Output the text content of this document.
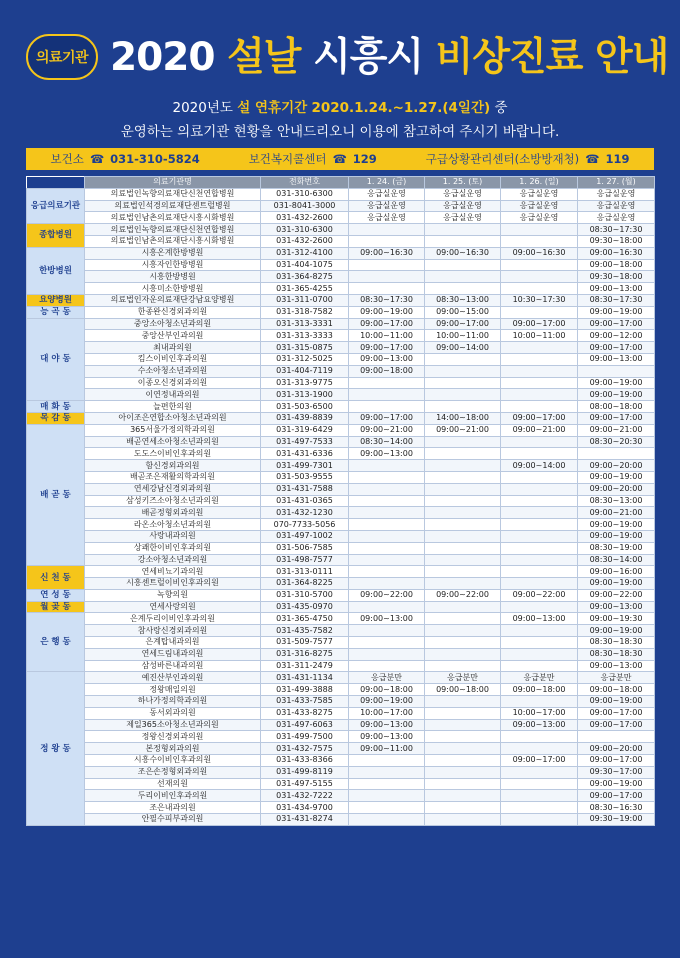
의료기관 2020 설날 시흥시 비상진료 안내
2020년도 설 연휴기간 2020.1.24.~1.27.(4일간) 중
운영하는 의료기관 현황을 안내드리오니 이용에 참고하여 주시기 바랍니다.
보건소 ☎ 031-310-5824	보건복지콜센터 ☎ 129	구급상황관리센터(소방방재청) ☎ 119
	의료기관명	전화번호	1. 24. (금)	1. 25. (토)	1. 26. (일)	1. 27. (월)
응급의료기관	의료법인녹향의료재단신천연합병원	031-310-6300	응급실운영	응급실운영	응급실운영	응급실운영
	의료법인석경의료재단센트럴병원	031-8041-3000	응급실운영	응급실운영	응급실운영	응급실운영
	의료법인남촌의료재단시흥시화병원	031-432-2600	응급실운영	응급실운영	응급실운영	응급실운영
종합병원	의료법인녹향의료재단신천연합병원	031-310-6300				08:30~17:30
	의료법인남촌의료재단시흥시화병원	031-432-2600				09:30~18:00
한방병원	시흥온계한방병원	031-312-4100	09:00~16:30	09:00~16:30	09:00~16:30	09:00~16:30
	시흥자인한방병원	031-404-1075				09:00~18:00
	시흥한방병원	031-364-8275				09:30~18:00
	시흥미소한방병원	031-365-4255				09:00~13:00
요양병원	의료법인자운의료재단강남요양병원	031-311-0700	08:30~17:30	08:30~13:00	10:30~17:30	08:30~17:30
능 곡 동	한종완신경외과의원	031-318-7582	09:00~19:00	09:00~15:00		09:00~19:00
대 야 동	중앙소아청소년과의원	031-313-3331	09:00~17:00	09:00~17:00	09:00~17:00	09:00~17:00
	중앙산부인과의원	031-313-3333	10:00~11:00	10:00~11:00	10:00~11:00	09:00~12:00
	최내과의원	031-315-0875	09:00~17:00	09:00~14:00		09:00~17:00
	킴스이비인후과의원	031-312-5025	09:00~13:00			09:00~13:00
	수소아청소년과의원	031-404-7119	09:00~18:00			
	이종오신경외과의원	031-313-9775				09:00~19:00
	이연정내과의원	031-313-1900				09:00~19:00
매 화 동	늘편한의원	031-503-6500				08:00~18:00
목 감 동	아이조은연합소아청소년과의원	031-439-8839	09:00~17:00	14:00~18:00	09:00~17:00	09:00~17:00
배 곧 동	365서울가정의학과의원	031-319-6429	09:00~21:00	09:00~21:00	09:00~21:00	09:00~21:00
	배곧연세소아청소년과의원	031-497-7533	08:30~14:00			08:30~20:30
	도도스이비인후과의원	031-431-6336	09:00~13:00			
	함신경외과의원	031-499-7301			09:00~14:00	09:00~20:00
	배곧조은재활의학과의원	031-503-9555				09:00~19:00
	연세강남신경외과의원	031-431-7588				09:00~20:00
	삼성키즈소아청소년과의원	031-431-0365				08:30~13:00
	배곧정형외과의원	031-432-1230				09:00~21:00
	라온소아청소년과의원	070-7733-5056				09:00~19:00
	사랑내과의원	031-497-1002				09:00~19:00
	상쾌한이비인후과의원	031-506-7585				08:30~19:00
	강소아청소년과의원	031-498-7577				08:30~14:00
신 천 동	연세비뇨기과의원	031-313-0111				09:00~16:00
	시흥센트럴이비인후과의원	031-364-8225				09:00~19:00
연 성 동	녹향의원	031-310-5700	09:00~22:00	09:00~22:00	09:00~22:00	09:00~22:00
월 곶 동	연세사랑의원	031-435-0970				09:00~13:00
은 행 동	은계두리이비인후과의원	031-365-4750	09:00~13:00		09:00~13:00	09:00~19:30
	참사랑신경외과의원	031-435-7582				09:00~19:00
	은계탑내과의원	031-509-7577				08:30~18:30
	연세드림내과의원	031-316-8275				08:30~18:30
	삼성바른내과의원	031-311-2479				09:00~13:00
정 왕 동	예진산부인과의원	031-431-1134	응급분만	응급분만	응급분만	응급분만
	정왕매일의원	031-499-3888	09:00~18:00	09:00~18:00	09:00~18:00	09:00~18:00
	하나가정의학과의원	031-433-7585	09:00~19:00			09:00~19:00
	동서외과의원	031-433-8275	10:00~17:00		10:00~17:00	09:00~17:00
	제일365소아청소년과의원	031-497-6063	09:00~13:00		09:00~13:00	09:00~17:00
	정왕신경외과의원	031-499-7500	09:00~13:00			
	본정형외과의원	031-432-7575	09:00~11:00			09:00~20:00
	시흥수이비인후과의원	031-433-8366			09:00~17:00	09:00~17:00
	조은손정형외과의원	031-499-8119				09:30~17:00
	선재의원	031-497-5155				09:00~19:00
	두리이비인후과의원	031-432-7222				09:00~17:00
	조은내과의원	031-434-9700				08:30~16:30
	안필수피부과의원	031-431-8274				09:30~19:00
